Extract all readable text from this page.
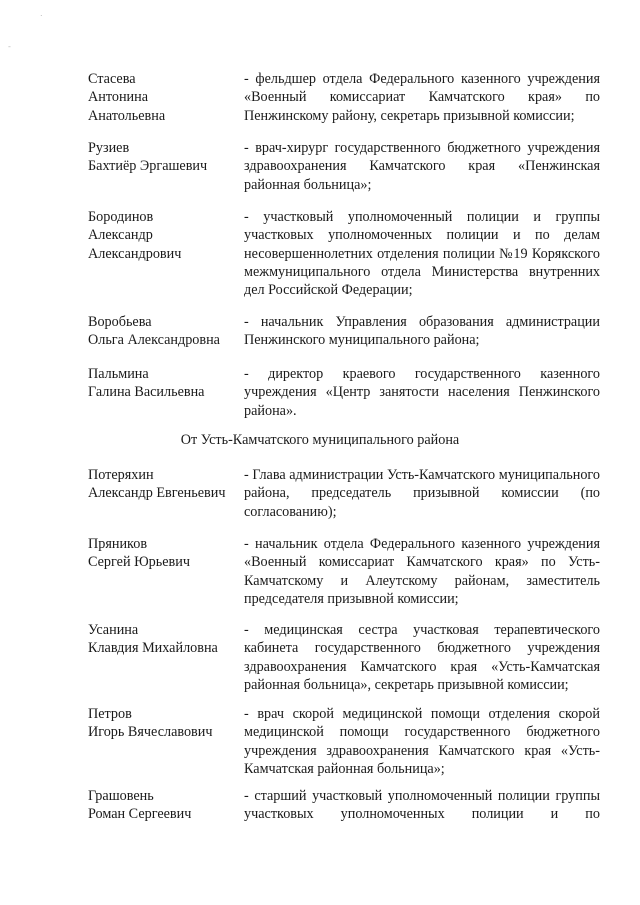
.
-
Стасева
Антонина
Анатольевна

- фельдшер отдела Федерального казенного учреждения «Военный комиссариат Камчатского края» по Пенжинскому району, секретарь призывной комиссии;

Рузиев
Бахтиёр Эргашевич

- врач-хирург государственного бюджетного учреждения здравоохранения Камчатского края «Пенжинская районная больница»;

Бородинов
Александр
Александрович

- участковый уполномоченный полиции и группы участковых уполномоченных полиции и по делам несовершеннолетних отделения полиции №19 Корякского межмуниципального отдела Министерства внутренних дел Российской Федерации;

Воробьева
Ольга Александровна

- начальник Управления образования администрации Пенжинского муниципального района;

Пальмина
Галина Васильевна

- директор краевого государственного казенного учреждения «Центр занятости населения Пенжинского района».

От Усть-Камчатского муниципального района
Потеряхин
Александр Евгеньевич

- Глава администрации Усть-Камчатского муниципального района, председатель призывной комиссии (по согласованию);

Пряников
Сергей Юрьевич

- начальник отдела Федерального казенного учреждения «Военный комиссариат Камчатского края» по Усть-Камчатскому и Алеутскому районам, заместитель председателя призывной комиссии;

Усанина
Клавдия Михайловна

- медицинская сестра участковая терапевтического кабинета государственного бюджетного учреждения здравоохранения Камчатского края «Усть-Камчатская районная больница», секретарь призывной комиссии;

Петров
Игорь Вячеславович

- врач скорой медицинской помощи отделения скорой медицинской помощи государственного бюджетного учреждения здравоохранения Камчатского края «Усть-Камчатская районная больница»;

Грашовень
Роман Сергеевич

- старший участковый уполномоченный полиции группы участковых уполномоченных полиции и по
